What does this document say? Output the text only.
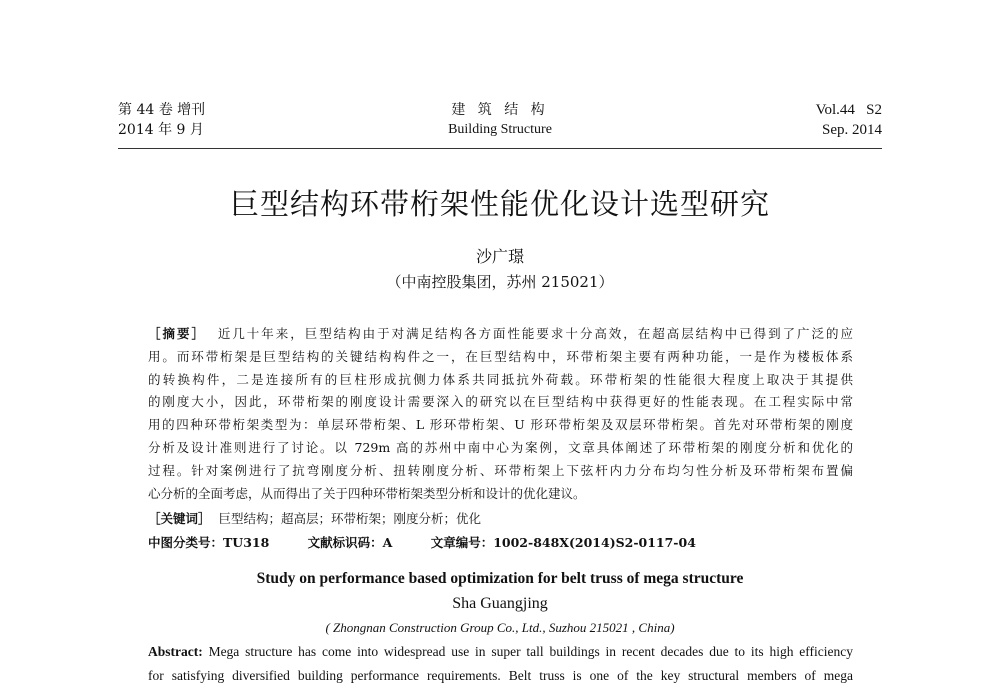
第 44 卷 增刊
2014 年 9 月
建 筑 结 构
Building Structure
Vol.44   S2
Sep. 2014
巨型结构环带桁架性能优化设计选型研究
沙广璟
（中南控股集团，苏州 215021）
［摘要］ 近几十年来，巨型结构由于对满足结构各方面性能要求十分高效，在超高层结构中已得到了广泛的应
用。而环带桁架是巨型结构的关键结构构件之一，在巨型结构中，环带桁架主要有两种功能，一是作为楼板体系
的转换构件，二是连接所有的巨柱形成抗侧力体系共同抵抗外荷载。环带桁架的性能很大程度上取决于其提供
的刚度大小，因此，环带桁架的刚度设计需要深入的研究以在巨型结构中获得更好的性能表现。在工程实际中常
用的四种环带桁架类型为：单层环带桁架、L 形环带桁架、U 形环带桁架及双层环带桁架。首先对环带桁架的刚度
分析及设计准则进行了讨论。以 729m 高的苏州中南中心为案例，文章具体阐述了环带桁架的刚度分析和优化的
过程。针对案例进行了抗弯刚度分析、扭转刚度分析、环带桁架上下弦杆内力分布均匀性分析及环带桁架布置偏
心分析的全面考虑，从而得出了关于四种环带桁架类型分析和设计的优化建议。
［关键词］ 巨型结构；超高层；环带桁架；刚度分析；优化
中图分类号：TU318	文献标识码：A	文章编号：1002-848X(2014)S2-0117-04
Study on performance based optimization for belt truss of mega structure
Sha Guangjing
( Zhongnan Construction Group Co., Ltd., Suzhou 215021 , China)
Abstract: Mega structure has come into widespread use in super tall buildings in recent decades due to its high efficiency
for satisfying diversified building performance requirements. Belt truss is one of the key structural members of mega
